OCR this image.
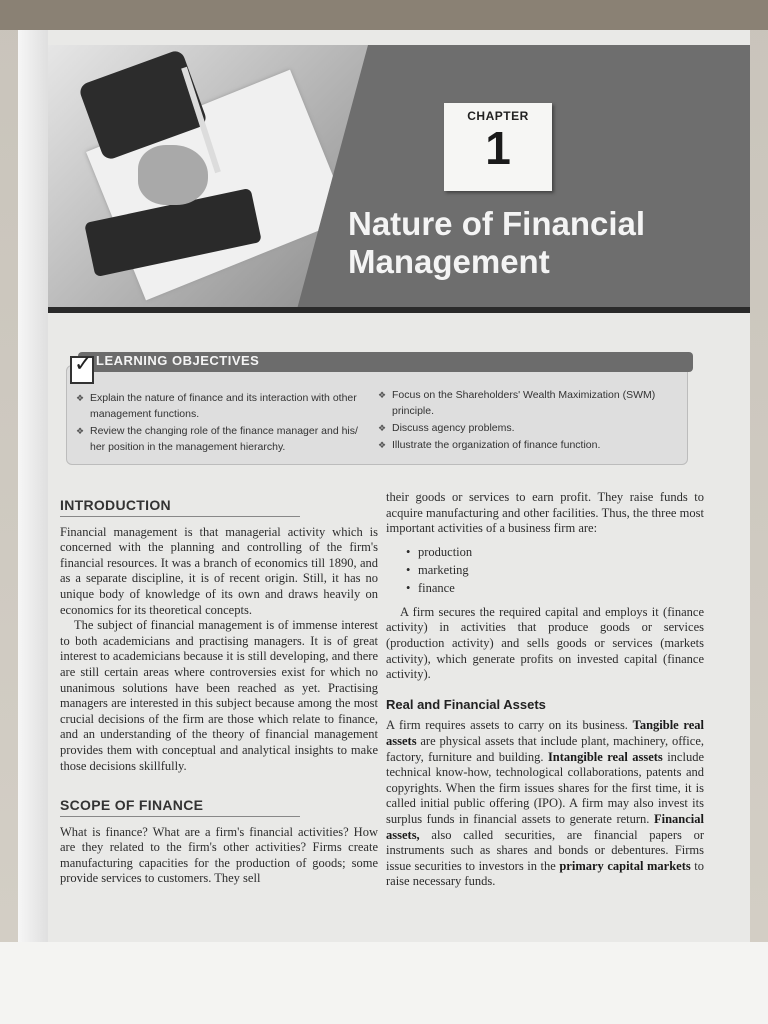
CHAPTER
1
Nature of Financial
Management
✓ LEARNING OBJECTIVES
❖ Explain the nature of finance and its interaction with other management functions.
❖ Review the changing role of the finance manager and his/ her position in the management hierarchy.
❖ Focus on the Shareholders' Wealth Maximization (SWM) principle.
❖ Discuss agency problems.
❖ Illustrate the organization of finance function.
INTRODUCTION

Financial management is that managerial activity which is concerned with the planning and controlling of the firm's financial resources. It was a branch of economics till 1890, and as a separate discipline, it is of recent origin. Still, it has no unique body of knowledge of its own and draws heavily on economics for its theoretical concepts.

The subject of financial management is of immense interest to both academicians and practising managers. It is of great interest to academicians because it is still developing, and there are still certain areas where controversies exist for which no unanimous solutions have been reached as yet. Practising managers are interested in this subject because among the most crucial decisions of the firm are those which relate to finance, and an understanding of the theory of financial management provides them with conceptual and analytical insights to make those decisions skillfully.

SCOPE OF FINANCE

What is finance? What are a firm's financial activities? How are they related to the firm's other activities? Firms create manufacturing capacities for the production of goods; some provide services to customers. They sell

their goods or services to earn profit. They raise funds to acquire manufacturing and other facilities. Thus, the three most important activities of a business firm are:

• production
• marketing
• finance

A firm secures the required capital and employs it (finance activity) in activities that produce goods or services (production activity) and sells goods or services (markets activity), which generate profits on invested capital (finance activity).

Real and Financial Assets

A firm requires assets to carry on its business. Tangible real assets are physical assets that include plant, machinery, office, factory, furniture and building. Intangible real assets include technical know-how, technological collaborations, patents and copyrights. When the firm issues shares for the first time, it is called initial public offering (IPO). A firm may also invest its surplus funds in financial assets to generate return. Financial assets, also called securities, are financial papers or instruments such as shares and bonds or debentures. Firms issue securities to investors in the primary capital markets to raise necessary funds.
